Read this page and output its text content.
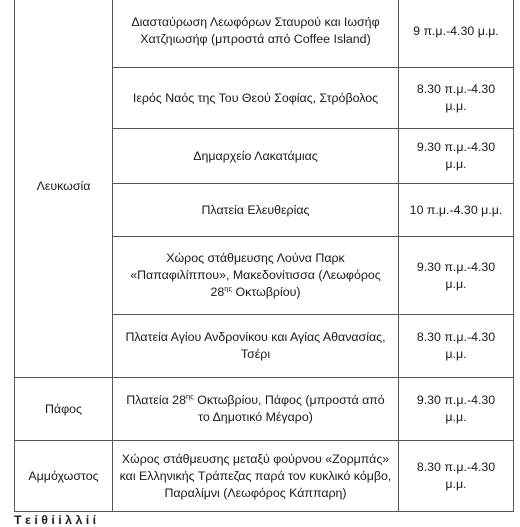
Λευκωσία	Διασταύρωση Λεωφόρων Σταυρού και Ιωσήφ Χατζηιωσήφ (μπροστά από Coffee Island)	9 π.μ.-4.30 μ.μ.
	Ιερός Ναός της Του Θεού Σοφίας, Στρόβολος	8.30 π.μ.-4.30 μ.μ.
	Δημαρχείο Λακατάμιας	9.30 π.μ.-4.30 μ.μ.
	Πλατεία Ελευθερίας	10 π.μ.-4.30 μ.μ.
	Χώρος στάθμευσης Λούνα Παρκ «Παπαφιλίππου», Μακεδονίτισσα (Λεωφόρος $28^{\eta\varsigma}$ Οκτωβρίου)	9.30 π.μ.-4.30 μ.μ.
	Πλατεία Αγίου Ανδρονίκου και Αγίας Αθανασίας, Τσέρι	8.30 π.μ.-4.30 μ.μ.
Πάφος	Πλατεία $28^{\eta\varsigma}$ Οκτωβρίου, Πάφος (μπροστά από το Δημοτικό Μέγαρο)	9.30 π.μ.-4.30 μ.μ.
Αμμόχωστος	Χώρος στάθμευσης μεταξύ φούρνου «Ζορμπάς» και Ελληνικής Τράπεζας παρά τον κυκλικό κόμβο, Παραλίμνι (Λεωφόρος Κάππαρη)	8.30 π.μ.-4.30 μ.μ.
Τ ε ί θ ί ί λ λ ί ί
